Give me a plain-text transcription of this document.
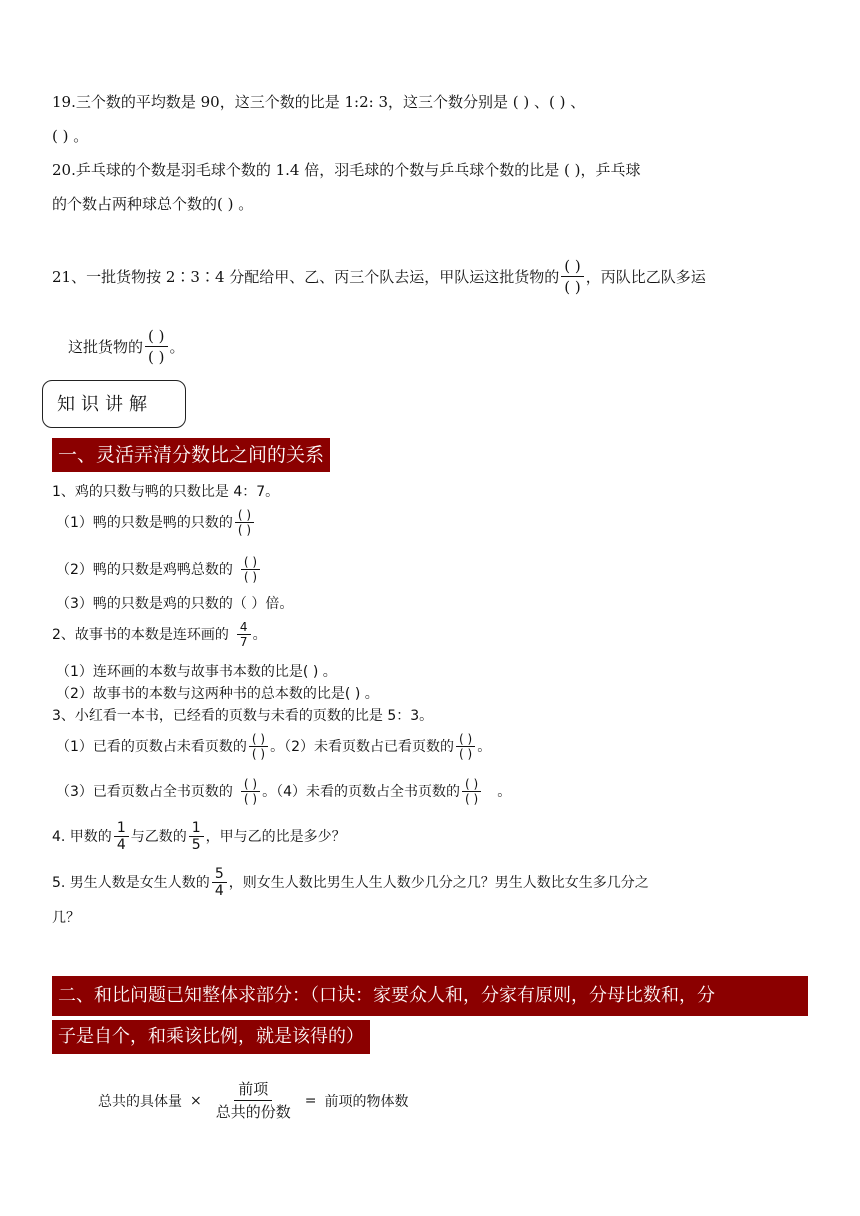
19.三个数的平均数是 90，这三个数的比是 1:2: 3，这三个数分别是 ( ) 、( ) 、
( ) 。
20.乒乓球的个数是羽毛球个数的 1.4 倍，羽毛球的个数与乒乓球个数的比是 ( )，乒乓球
的个数占两种球总个数的( ) 。
21、一批货物按 2∶3∶4 分配给甲、乙、丙三个队去运，甲队运这批货物的 $\frac{( )}{( )}$ ，丙队比乙队多运
这批货物的 $\frac{( )}{( )}$ 。
知识讲解
一、灵活弄清分数比之间的关系
1、鸡的只数与鸭的只数比是 4：7。
（1）鸭的只数是鸭的只数的 $\frac{( )}{( )}$
（2）鸭的只数是鸡鸭总数的 $\frac{( )}{( )}$
（3）鸭的只数是鸡的只数的（ ）倍。
2、故事书的本数是连环画的 $\frac{4}{7}$ 。
（1）连环画的本数与故事书本数的比是( ) 。
（2）故事书的本数与这两种书的总本数的比是( ) 。
3、小红看一本书，已经看的页数与未看的页数的比是 5：3。
（1）已看的页数占未看页数的 $\frac{( )}{( )}$ 。（2）未看页数占已看页数的 $\frac{( )}{( )}$ 。
（3）已看页数占全书页数的 $\frac{( )}{( )}$ 。（4）未看的页数占全书页数的 $\frac{( )}{( )}$ 。
4. 甲数的 $\frac{1}{4}$ 与乙数的 $\frac{1}{5}$ ，甲与乙的比是多少？
5. 男生人数是女生人数的 $\frac{5}{4}$ ，则女生人数比男生人生人数少几分之几？男生人数比女生多几分之
几？
二、和比问题已知整体求部分：（口诀：家要众人和，分家有原则，分母比数和，分
子是自个，和乘该比例，就是该得的）
总共的具体量 × $\frac{\text{前项}}{\text{总共的份数}}$ = 前项的物体数
